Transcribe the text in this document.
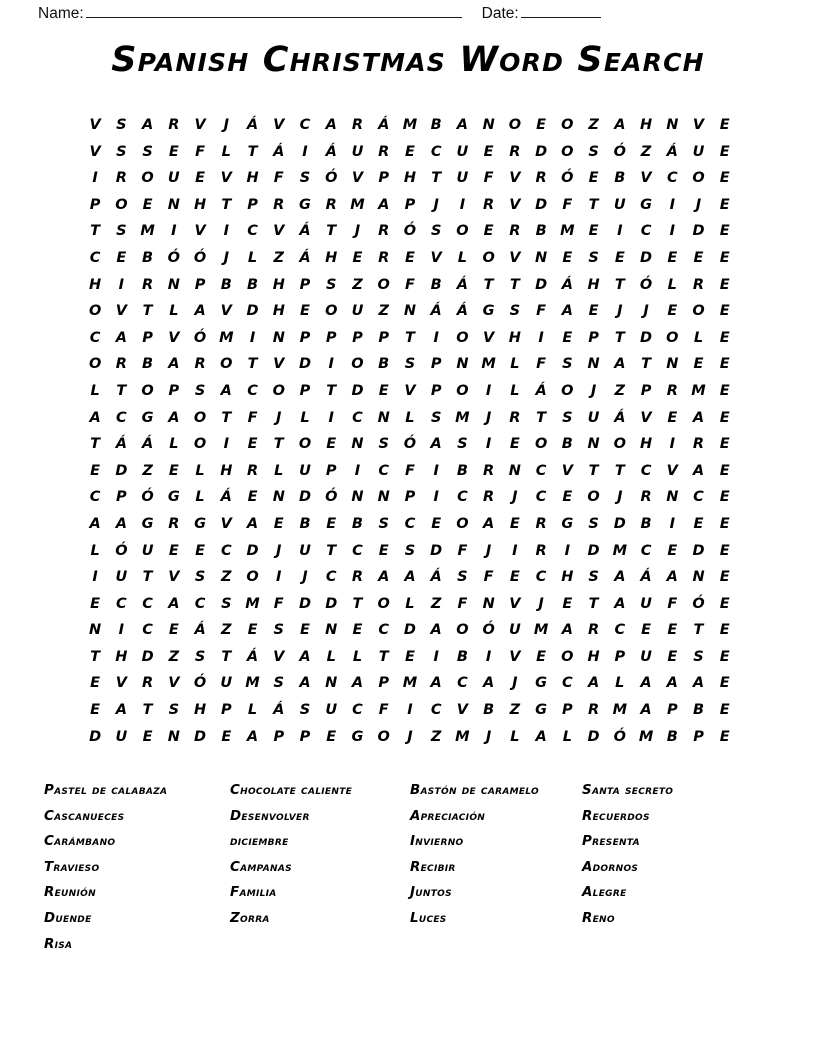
Name:	Date:
Spanish Christmas Word Search
V	S	A	R	V	J	Á	V	C	A	R	Á M B	A	N O	E	O	Z	A	H N	V	E
V	S	S	E	F	L	T	Á	I	Á	U	R	E	C	U	E	R	D O	S	Ó	Z	Á	U	E
I	R O U	E	V	H	F	S	Ó V	P	H	T	U	F	V	R Ó	E	B	V	C	O	E
P	O	E	N H	T	P	R	G	R M A	P	J	I	R	V	D	F	T	U G	I	J	E
T	S M	I	V	I	C	V	Á	T	J	R Ó	S	O	E	R	B M E	I	C	I	D	E
C	E	B	Ó Ó	J	L	Z	Á	H	E	R	E	V	L	O V	N	E	S	E	D	E	E	E
H	I	R	N	P	B	B	H	P	S	Z	O	F	B	Á	T	T	D	Á	H	T	Ó	L	R	E
O V	T	L	A	V	D H	E	O U	Z	N	Á	Á	G	S	F	A	E	J	J	E	O	E
C	A	P	V Ó M	I	N	P	P	P	P	T	I	O V	H	I	E	P	T	D O	L	E
O R	B	A	R O	T	V	D	I	O	B	S	P	N M L	F	S	N	A	T	N	E	E
L	T	O	P	S	A	C	O	P	T	D	E	V	P	O	I	L	Á O	J	Z	P	R M E
A	C	G	A O	T	F	J	L	I	C	N	L	S M	J	R	T	S	U	Á	V	E	A	E
T	Á	Á	L	O	I	E	T	O	E	N	S	Ó A	S	I	E	O	B	N O H	I	R	E
E	D	Z	E	L	H	R	L	U	P	I	C	F	I	B	R	N	C	V	T	T	C	V	A	E
C	P	Ó G	L	Á	E	N D Ó N N	P	I	C	R	J	C	E	O	J	R	N	C	E
A	A	G	R	G	V	A	E	B	E	B	S	C	E	O A	E	R	G	S	D	B	I	E	E
L	Ó U	E	E	C	D	J	U	T	C	E	S	D	F	J	I	R	I	D M C	E	D	E
I	U	T	V	S	Z	O	I	J	C	R	A	A	Á	S	F	E	C	H	S	A	Á	A	N	E
E	C	C	A	C	S M F	D D	T	O	L	Z	F	N	V	J	E	T	A	U	F	Ó	E
N	I	C	E	Á	Z	E	S	E	N	E	C	D	A O Ó U M A	R	C	E	E	T	E
T	H D	Z	S	T	Á	V	A	L	L	T	E	I	B	I	V	E	O H	P	U	E	S	E
E	V	R	V Ó U M S	A	N	A	P M A	C	A	J	G	C	A	L	A	A	A	E
E	A	T	S	H	P	L	Á	S	U	C	F	I	C	V	B	Z	G	P	R M A	P	B	E
D U	E	N D	E	A	P	P	E	G O	J	Z M	J	L	A	L	D Ó M B	P	E
Pastel de calabaza
Cascanueces
Carámbano
Travieso
Reunión
Duende
Risa
Chocolate caliente
Desenvolver
diciembre
Campanas
Familia
Zorra
Bastón de caramelo
Apreciación
Invierno
Recibir
Juntos
Luces
Santa secreto
Recuerdos
Presenta
Adornos
Alegre
Reno
